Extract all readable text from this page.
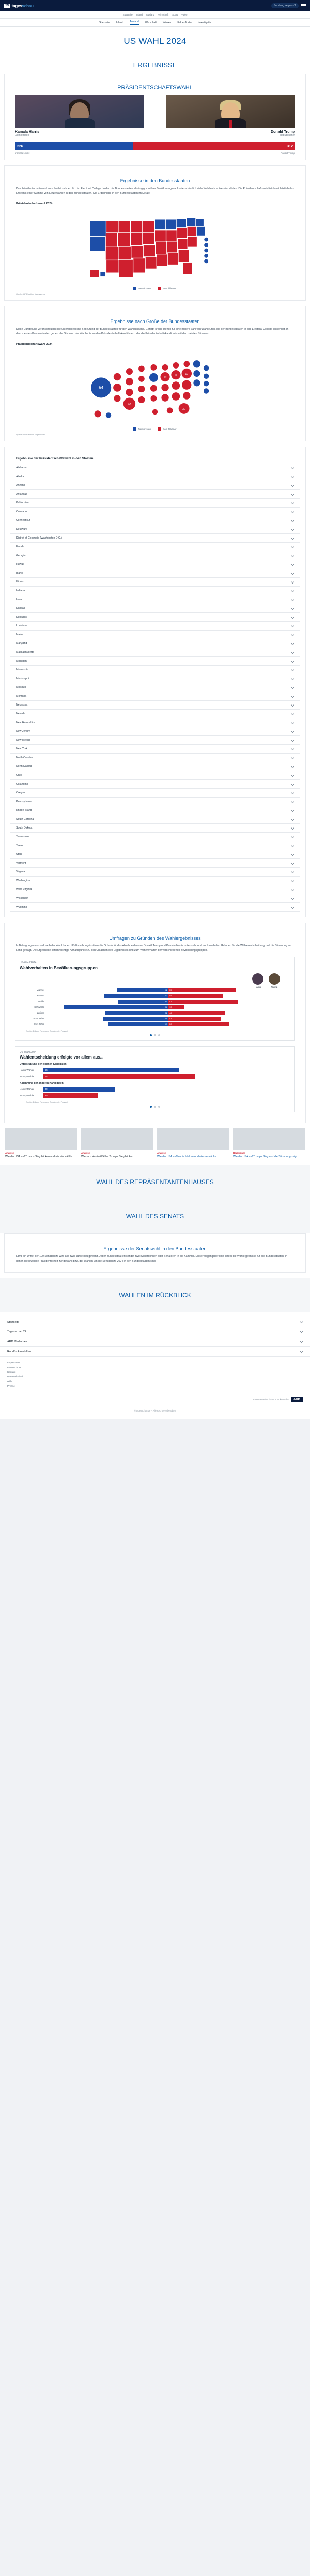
TS tagesschau	Sendung verpasst?
Startseite Inland Ausland Wirtschaft Sport Video
Startseite Inland Ausland Wirtschaft Wissen Faktenfinder Investigativ
US WAHL 2024
ERGEBNISSE
PRÄSIDENTSCHAFTSWAHL
Kamala Harris
Demokraten
Donald Trump
Republikaner
226	312
Kamala Harris	Donald Trump
Ergebnisse in den Bundesstaaten

Das Präsidentschaftswahl entscheidet sich letztlich im Electoral College. In dau die Bundesstaaten abhängig von ihrer Bevölkerungszahl unterschiedlich viele Wahlleute entsenden dürfen. Die Präsidentschaftswahl ist damit letztlich das Ergebnis einer Summe von Einzelwahlen in den Bundesstaaten. Die Ergebnisse in den Bundesstaaten im Detail:

Präsidentschaftswahl 2024
Demokraten	Republikaner
Quelle: AP/Election, tagesschau
Ergebnisse nach Größe der Bundesstaaten

Diese Darstellung veranschaulicht die unterschiedliche Bedeutung der Bundesstaaten für den Wahlausgang. Gefärbt kreise stehen für eine höhere Zahl von Wahlleuten, die der Bundesstaaten in das Electoral College entsendet. In dem meisten Bundesstaaten gehen alle Stimmen der Wahlleute an den Präsidentschaftskandidaten oder die Präsidentschaftskandidatin mit den meisten Stimmen.

Präsidentschaftswahl 2024
54
40
19
17 19
30
Demokraten	Republikaner
Quelle: AP/Election, tagesschau
Ergebnisse der Präsidentschaftswahl in den Staaten
Alabama
Alaska
Arizona
Arkansas
Kalifornien
Colorado
Connecticut
Delaware
District of Columbia (Washington D.C.)
Florida
Georgia
Hawaii
Idaho
Illinois
Indiana
Iowa
Kansas
Kentucky
Louisiana
Maine
Maryland
Massachusetts
Michigan
Minnesota
Mississippi
Missouri
Montana
Nebraska
Nevada
New Hampshire
New Jersey
New Mexico
New York
North Carolina
North Dakota
Ohio
Oklahoma
Oregon
Pennsylvania
Rhode Island
South Carolina
South Dakota
Tennessee
Texas
Utah
Vermont
Virginia
Washington
West Virginia
Wisconsin
Wyoming
Umfragen zu Gründen des Wahlergebnisses

In Befragungen vor und nach der Wahl haben US-Forschungsinstitute die Gründe für das Abschneiden von Donald Trump und Kamala Harris untersucht und auch nach den Gründen für die Wählerentscheidung und die Stimmung im Land gefragt. Die Ergebnisse liefern wichtige Anhaltspunkte zu den Ursachen des Ergebnisses und zum Wahlverhalten der verschiedenen Bevölkerungsgruppen.

US-Wahl 2024
Wahlverhalten in Bevölkerungsgruppen
Harris	Trump
Männer	42	55
Frauen	53	45
Weiße	41	57
Schwarze	86	13
Latinos	52	46
18-29 Jahre	54	43
65+ Jahre	49	50
Quelle: Edison Research, Angaben in Prozent
US-Wahl 2024
Wahlentscheidung erfolgte vor allem aus...
Unterstützung der eigenen Kandidatin
Harris-Wähler	64
Trump-Wähler	72
Ablehnung der anderen Kandidaten
Harris-Wähler	34
Trump-Wähler	26
Quelle: Edison Research, Angaben in Prozent
Analyse
Wie die USA auf Trumps Sieg blicken und wie sie wählte
Analyse
Wie sich Harris-Wähler Trumps Sieg blicken
Analyse
Wie die USA auf Harris blicken und wie sie wählte
Reaktionen
Wie die USA auf Trumps Sieg und die Stimmung zeigt
WAHL DES REPRÄSENTANTENHAUSES
WAHL DES SENATS
Ergebnisse der Senatswahl in den Bundesstaaten

Etwa ein Drittel der 100 Senatssitze wird alle zwei Jahre neu gewählt. Jeder Bundesstaat entsendet zwei Senatorinnen oder Senatoren in die Kammer. Diese Vorgangsberichte liefern die Wahlergebnisse für alle Bundesstaaten, in denen die jeweilige Präsidentschaft zur gewählt bzw. der Wahlen um die Senatssitze 2024 in den Bundesstaaten sind.

WAHLEN IM RÜCKBLICK
Startseite
Tagesschau 24
ARD Mediathek
Rundfunkanstalten
Impressum
Datenschutz
Kontakt
Barrierefreiheit
Hilfe
Presse
Eine Gemeinschaftsproduktion der	ARD
© tagesschau.de – Alle Rechte vorbehalten
